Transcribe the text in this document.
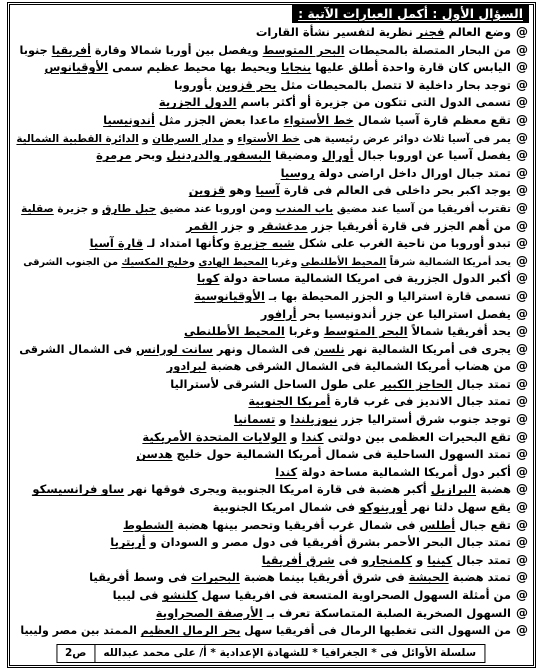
السؤال الأول : أكمل العبارات الآتية :
@وضع العالم فجنر نظرية لتفسير نشأة القارات
@من البحار المتصلة بالمحيطات البحر المتوسط ويفصل بين أوربا شمالا وقارة أفريقيا جنوبا
@اليابس كان قارة واحدة أطلق عليها بنجايا ويحيط بها محيط عظيم سمى الأوقيانوس
@توجد بحار داخلية لا تتصل بالمحيطات مثل بحر قزوين بأوروبا
@تسمى الدول التى تتكون من جزيرة أو أكثر باسم الدول الجزرية
@تقع معظم قارة آسيا شمال خط الأستواء ماعدا بعض الجزر مثل أندونيسيا
@يمر فى آسيا ثلاث دوائر عرض رئيسية هى خط الأستواء و مدار السرطان و الدائرة القطبية الشمالية
@يفصل آسيا عن اوروبا جبال أورال ومضيقا البسفور والدردنيل وبحر مرمرة
@تمتد جبال اورال داخل اراضى دولة روسيا
@يوجد اكبر بحر داخلى فى العالم فى قارة آسيا وهو قزوين
@تقترب أفريقيا من آسيا عند مضيق باب المندب ومن اوروبا عند مضيق جبل طارق و جزيرة صقلية
@من أهم الجزر فى قارة أفريقيا جزر مدغشقر و جزر القمر
@تبدو أوروبا من ناحية الغرب على شكل شبه جزيرة وكأنها امتداد لـ قارة آسيا
@يحد أمريكا الشمالية شرقاً المحيط الأطلنطى وغربا المحيط الهادى وخليج المكسيك من الجنوب الشرقى
@أكبر الدول الجزرية فى امريكا الشمالية مساحة دولة كوبا
@تسمى قارة استراليا و الجزر المحيطة بها بـ الأوقيانوسية
@يفصل استراليا عن جزر أندونيسيا بحر أرافور
@يحد أفريقيا شمالاً البحر المتوسط وغربا المحيط الأطلنطى
@يجرى فى أمريكا الشمالية نهر نلسن فى الشمال ونهر سانت لورانس فى الشمال الشرقى
@من هضاب أمريكا الشمالية فى الشمال الشرقى هضبة لبرادور
@تمتد جبال الحاجز الكبير على طول الساحل الشرقى لأستراليا
@تمتد جبال الانديز فى غرب قارة أمريكا الجنوبية
@توجد جنوب شرق أستراليا جزر نيوزيلندا و تسمانيا
@تقع البحيرات العظمى بين دولتى كندا و الولايات المتحدة الأمريكية
@تمتد السهول الساحلية فى شمال أمريكا الشمالية حول خليج هدسن
@أكبر دول أمريكا الشمالية مساحة دولة كندا
@هضبة البرازيل أكبر هضبة فى قارة امريكا الجنوبية ويجرى فوقها نهر ساو فرانسيسكو
@يقع سهل دلتا نهر أورينوكو فى شمال امريكا الجنوبية
@تقع جبال أطلس فى شمال غرب أفريقيا وتحصر بينها هضبة الشطوط
@تمتد جبال البحر الأحمر بشرق أفريقيا فى دول مصر و السودان و أريتريا
@تمتد جبال كينيا و كلمنجارو فى شرق أفريقيا
@تمتد هضبة الحبشة فى شرق أفريقيا بينما هضبة البحيرات فى وسط أفريقيا
@من أمثلة السهول الصحراوية المتسعة فى افريقيا سهل كلنشو فى ليبيا
@السهول الصخرية الصلبة المتماسكة تعرف بـ الأرصفة الصحراوية
@من السهول التى تغطيها الرمال فى أفريقيا سهل بحر الرمال العظيم الممتد بين مصر وليبيا
سلسلة الأوائل فى * الجغرافيا * للشهادة الإعدادية * أ/ على محمد عبدالله
ص2
